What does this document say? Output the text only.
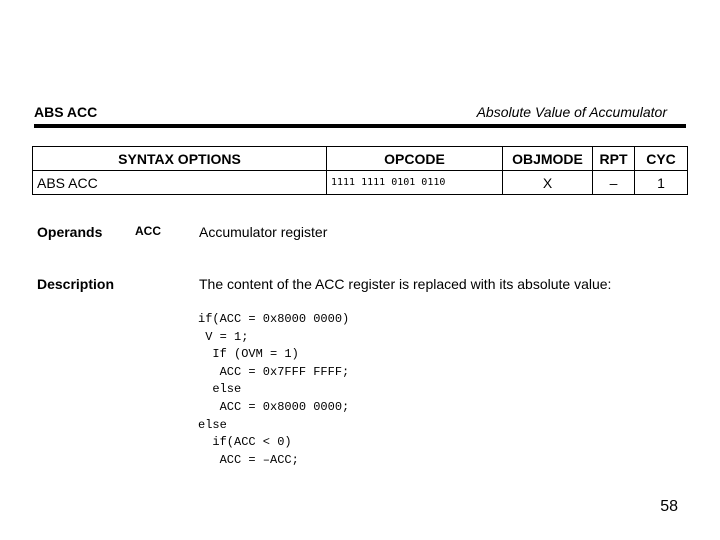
ABS ACC	Absolute Value of Accumulator
SYNTAX OPTIONS	OPCODE	OBJMODE	RPT	CYC
ABS ACC	1111 1111 0101 0110	X	–	1
Operands	ACC	Accumulator register
Description	The content of the ACC register is replaced with its absolute value:
if(ACC = 0x8000 0000)
V = 1;
If (OVM = 1)
ACC = 0x7FFF FFFF;
else
ACC = 0x8000 0000;
else
if(ACC < 0)
ACC = –ACC;
58
